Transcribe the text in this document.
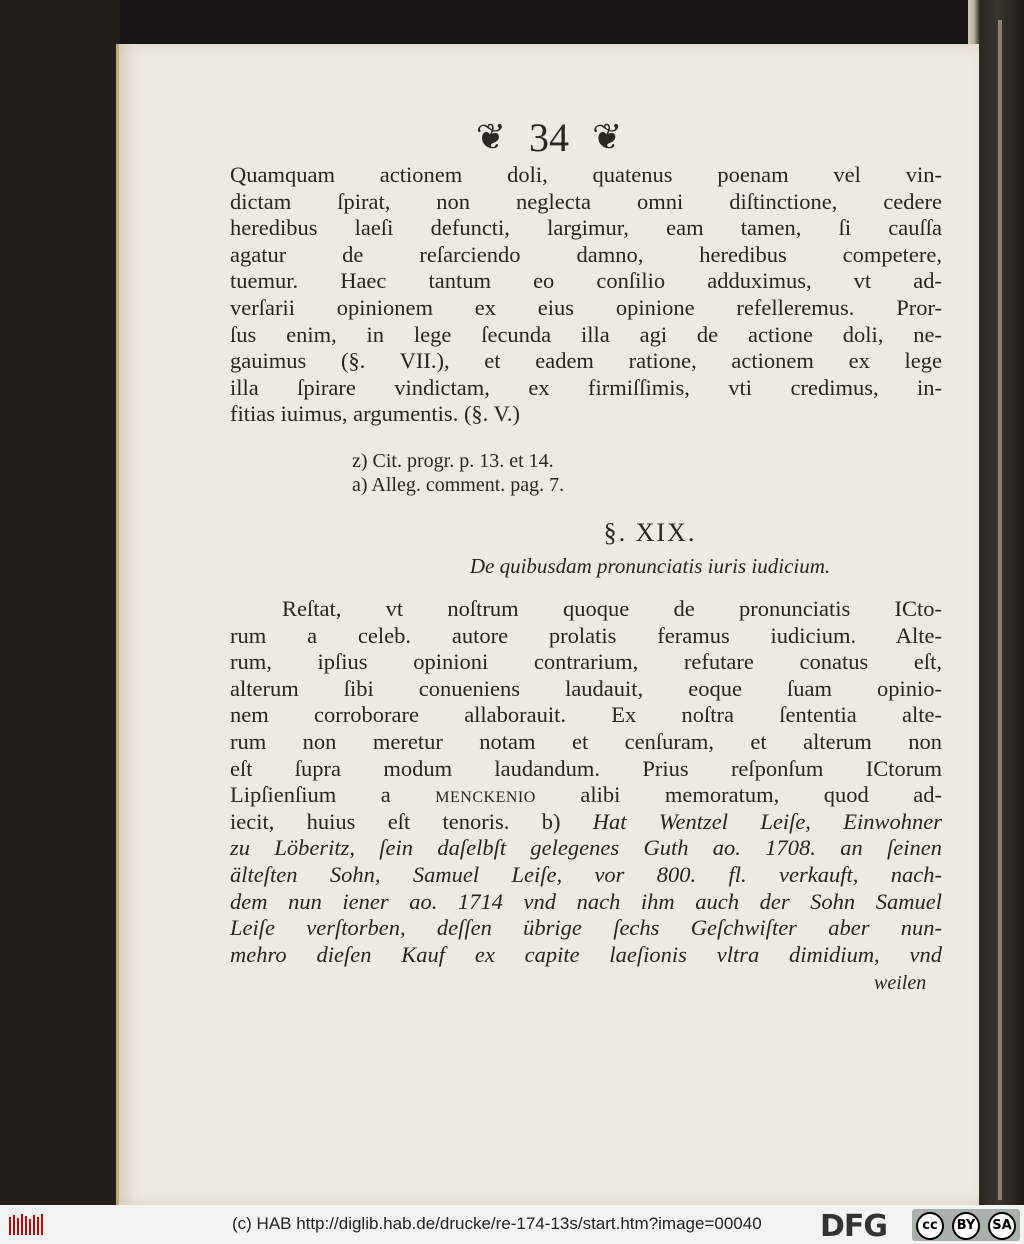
❦ 34 ❦
Quamquam actionem doli, quatenus poenam vel vin-
dictam ſpirat, non neglecta omni diſtinctione, cedere
heredibus laeſi defuncti, largimur, eam tamen, ſi cauſſa
agatur de reſarciendo damno, heredibus competere,
tuemur. Haec tantum eo conſilio adduximus, vt ad-
verſarii opinionem ex eius opinione refelleremus. Pror-
ſus enim, in lege ſecunda illa agi de actione doli, ne-
gauimus (§. VII.), et eadem ratione, actionem ex lege
illa ſpirare vindictam, ex firmiſſimis, vti credimus, in-
fitias iuimus, argumentis. (§. V.)

z) Cit. progr. p. 13. et 14.

a) Alleg. comment. pag. 7.

§. XIX.

De quibusdam pronunciatis iuris iudicium.

Reſtat, vt noſtrum quoque de pronunciatis ICto-
rum a celeb. autore prolatis feramus iudicium. Alte-
rum, ipſius opinioni contrarium, refutare conatus eſt,
alterum ſibi conueniens laudauit, eoque ſuam opinio-
nem corroborare allaborauit. Ex noſtra ſententia alte-
rum non meretur notam et cenſuram, et alterum non
eſt ſupra modum laudandum. Prius reſponſum ICtorum
Lipſienſium a menckenio alibi memoratum, quod ad-
iecit, huius eſt tenoris. b) Hat Wentzel Leiſe, Einwohner
zu Löberitz, ſein daſelbſt gelegenes Guth ao. 1708. an ſeinen
älteſten Sohn, Samuel Leiſe, vor 800. fl. verkauft, nach-
dem nun iener ao. 1714 vnd nach ihm auch der Sohn Samuel
Leiſe verſtorben, deſſen übrige ſechs Geſchwiſter aber nun-
mehro dieſen Kauf ex capite laeſionis vltra dimidium, vnd

weilen

(c) HAB http://diglib.hab.de/drucke/re-174-13s/start.htm?image=00040 DFG	cc	BY	SA
